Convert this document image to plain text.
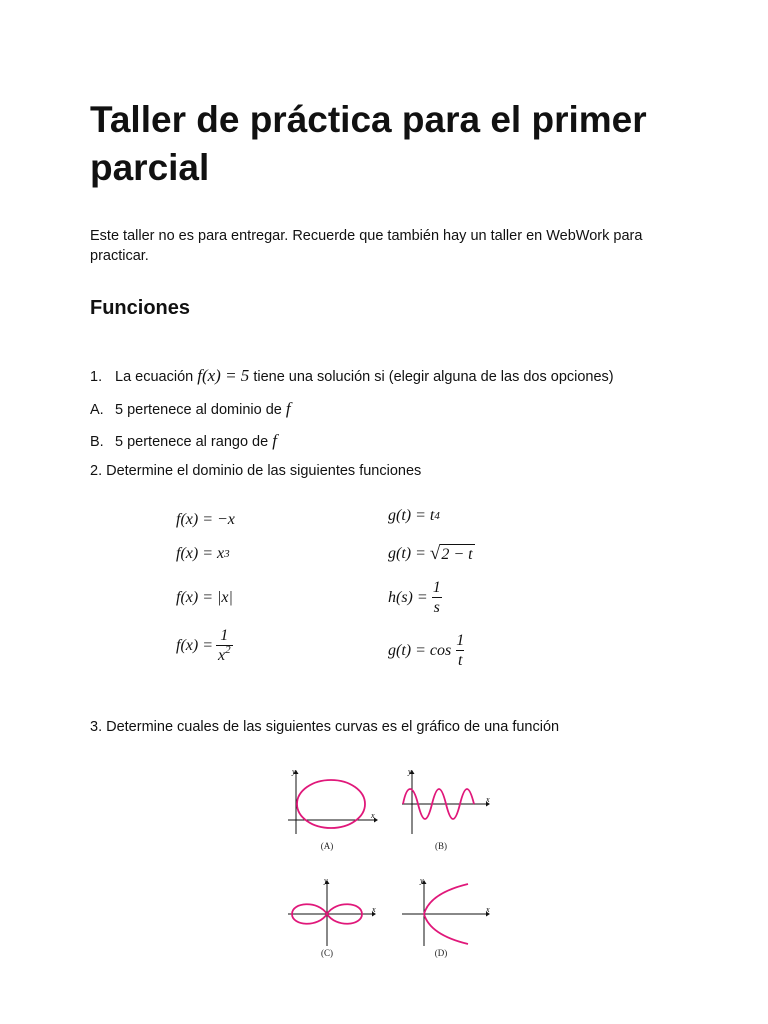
Taller de práctica para el primer parcial

Este taller no es para entregar. Recuerde que también hay un taller en WebWork para practicar.

Funciones
1. La ecuación f(x) = 5 tiene una solución si (elegir alguna de las dos opciones)
A. 5 pertenece al dominio de f
B. 5 pertenece al rango de f
2. Determine el dominio de las siguientes funciones
f(x) =
−x
f(x) =
x 3
f(x) =
|x|
$f(x) = \frac{1}{x^2}$
g(t) =
t 4
g(t) =
√ 2 − t
$h(s) = \frac{1}{s}$
$g(t) = \cos \frac{1}{t}$
3. Determine cuales de las siguientes curvas es el gráfico de una función
x
y
(A)
x
y
(B)
x
y
(C)
x
y
(D)
